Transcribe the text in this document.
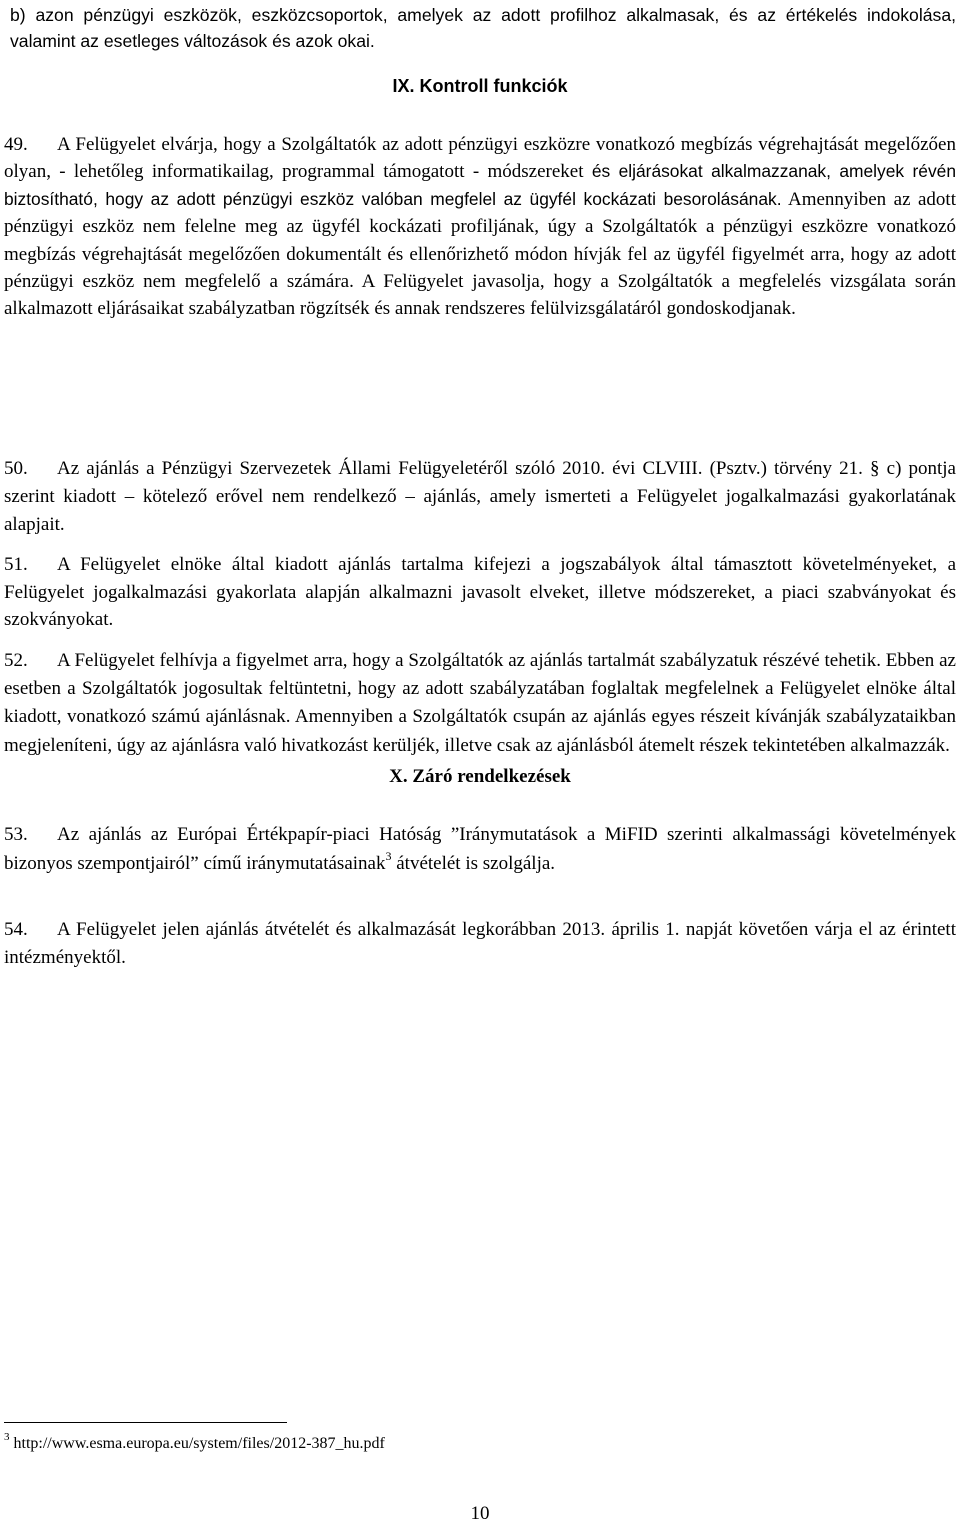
b) azon pénzügyi eszközök, eszközcsoportok, amelyek az adott profilhoz alkalmasak, és az értékelés indokolása, valamint az esetleges változások és azok okai.
IX. Kontroll funkciók
49. A Felügyelet elvárja, hogy a Szolgáltatók az adott pénzügyi eszközre vonatkozó megbízás végrehajtását megelőzően olyan, - lehetőleg informatikailag, programmal támogatott - módszereket és eljárásokat alkalmazzanak, amelyek révén biztosítható, hogy az adott pénzügyi eszköz valóban megfelel az ügyfél kockázati besorolásának. Amennyiben az adott pénzügyi eszköz nem felelne meg az ügyfél kockázati profiljának, úgy a Szolgáltatók a pénzügyi eszközre vonatkozó megbízás végrehajtását megelőzően dokumentált és ellenőrizhető módon hívják fel az ügyfél figyelmét arra, hogy az adott pénzügyi eszköz nem megfelelő a számára. A Felügyelet javasolja, hogy a Szolgáltatók a megfelelés vizsgálata során alkalmazott eljárásaikat szabályzatban rögzítsék és annak rendszeres felülvizsgálatáról gondoskodjanak.
X. Záró rendelkezések
50. Az ajánlás a Pénzügyi Szervezetek Állami Felügyeletéről szóló 2010. évi CLVIII. (Psztv.) törvény 21. § c) pontja szerint kiadott – kötelező erővel nem rendelkező – ajánlás, amely ismerteti a Felügyelet jogalkalmazási gyakorlatának alapjait.
51. A Felügyelet elnöke által kiadott ajánlás tartalma kifejezi a jogszabályok által támasztott követelményeket, a Felügyelet jogalkalmazási gyakorlata alapján alkalmazni javasolt elveket, illetve módszereket, a piaci szabványokat és szokványokat.
52. A Felügyelet felhívja a figyelmet arra, hogy a Szolgáltatók az ajánlás tartalmát szabályzatuk részévé tehetik. Ebben az esetben a Szolgáltatók jogosultak feltüntetni, hogy az adott szabályzatában foglaltak megfelelnek a Felügyelet elnöke által kiadott, vonatkozó számú ajánlásnak. Amennyiben a Szolgáltatók csupán az ajánlás egyes részeit kívánják szabályzataikban megjeleníteni, úgy az ajánlásra való hivatkozást kerüljék, illetve csak az ajánlásból átemelt részek tekintetében alkalmazzák.
53. Az ajánlás az Európai Értékpapír-piaci Hatóság ”Iránymutatások a MiFID szerinti alkalmassági követelmények bizonyos szempontjairól” című iránymutatásainak$^3$ átvételét is szolgálja.
54. A Felügyelet jelen ajánlás átvételét és alkalmazását legkorábban 2013. április 1. napját követően várja el az érintett intézményektől.
$^3$ http://www.esma.europa.eu/system/files/2012-387_hu.pdf
10
